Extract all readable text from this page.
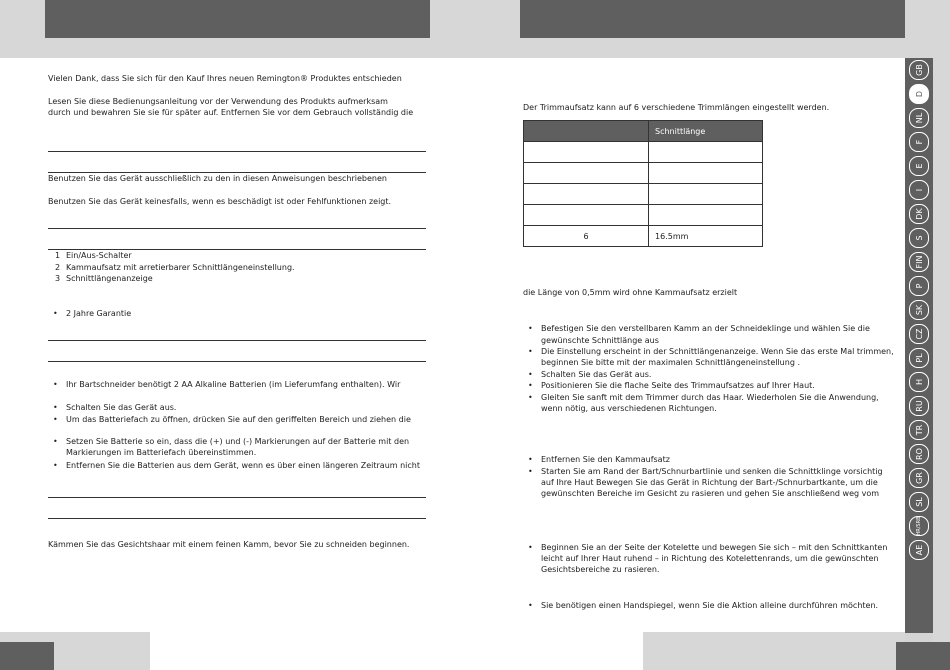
Vielen Dank, dass Sie sich für den Kauf Ihres neuen Remington® Produktes entschieden
Lesen Sie diese Bedienungsanleitung vor der Verwendung des Produkts aufmerksam
durch und bewahren Sie sie für später auf. Entfernen Sie vor dem Gebrauch vollständig die
Benutzen Sie das Gerät ausschließlich zu den in diesen Anweisungen beschriebenen
Benutzen Sie das Gerät keinesfalls, wenn es beschädigt ist oder Fehlfunktionen zeigt.
1 Ein/Aus-Schalter
2 Kammaufsatz mit arretierbarer Schnittlängeneinstellung.
3 Schnittlängenanzeige
• 2 Jahre Garantie
• Ihr Bartschneider benötigt 2 AA Alkaline Batterien (im Lieferumfang enthalten). Wir
• Schalten Sie das Gerät aus.
• Um das Batteriefach zu öffnen, drücken Sie auf den geriffelten Bereich und ziehen die
• Setzen Sie Batterie so ein, dass die (+) und (-) Markierungen auf der Batterie mit den
Markierungen im Batteriefach übereinstimmen.
• Entfernen Sie die Batterien aus dem Gerät, wenn es über einen längeren Zeitraum nicht
Kämmen Sie das Gesichtshaar mit einem feinen Kamm, bevor Sie zu schneiden beginnen.
Der Trimmaufsatz kann auf 6 verschiedene Trimmlängen eingestellt werden.
	Schnittlänge

6	16.5mm
die Länge von 0,5mm wird ohne Kammaufsatz erzielt
• Befestigen Sie den verstellbaren Kamm an der Schneideklinge und wählen Sie die
gewünschte Schnittlänge aus
• Die Einstellung erscheint in der Schnittlängenanzeige. Wenn Sie das erste Mal trimmen,
beginnen Sie bitte mit der maximalen Schnittlängeneinstellung .
• Schalten Sie das Gerät aus.
• Positionieren Sie die flache Seite des Trimmaufsatzes auf Ihrer Haut.
• Gleiten Sie sanft mit dem Trimmer durch das Haar. Wiederholen Sie die Anwendung,
wenn nötig, aus verschiedenen Richtungen.
• Entfernen Sie den Kammaufsatz
• Starten Sie am Rand der Bart/Schnurbartlinie und senken die Schnittklinge vorsichtig
auf Ihre Haut Bewegen Sie das Gerät in Richtung der Bart-/Schnurbartkante, um die
gewünschten Bereiche im Gesicht zu rasieren und gehen Sie anschließend weg vom
• Beginnen Sie an der Seite der Kotelette und bewegen Sie sich – mit den Schnittkanten
leicht auf Ihrer Haut ruhend – in Richtung des Kotelettenrands, um die gewünschten
Gesichtsbereiche zu rasieren.
• Sie benötigen einen Handspiegel, wenn Sie die Aktion alleine durchführen möchten.
GB
D
NL
F
E
I
DK
S
FIN
P
SK
CZ
PL
H
RU
TR
RO
GR
SL
HR/SRB
AE
